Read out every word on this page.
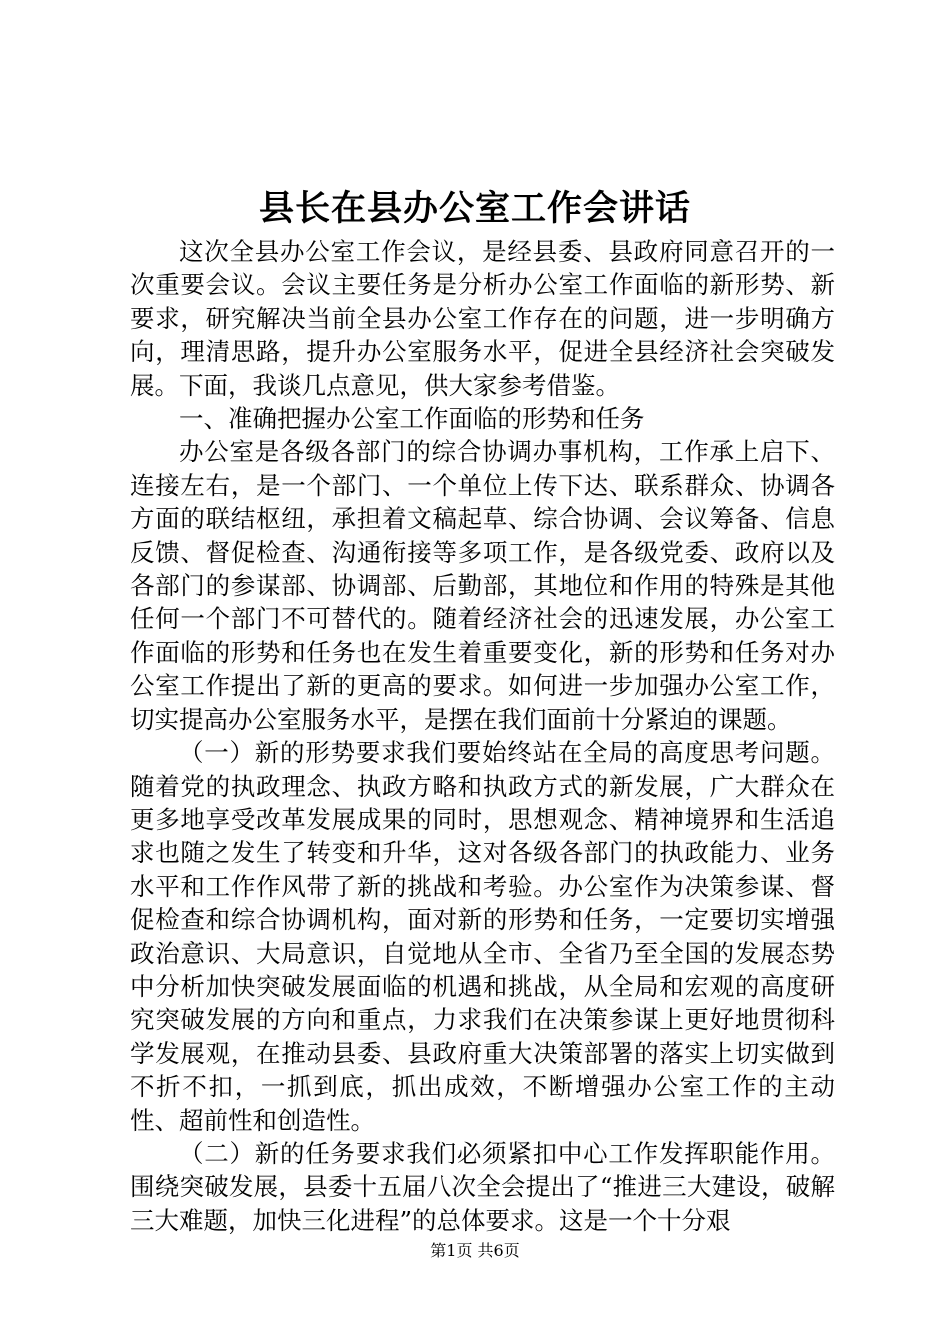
县长在县办公室工作会讲话

这次全县办公室工作会议，是经县委、县政府同意召开的一次重要会议。会议主要任务是分析办公室工作面临的新形势、新要求，研究解决当前全县办公室工作存在的问题，进一步明确方向，理清思路，提升办公室服务水平，促进全县经济社会突破发展。下面，我谈几点意见，供大家参考借鉴。

一、准确把握办公室工作面临的形势和任务

办公室是各级各部门的综合协调办事机构，工作承上启下、连接左右，是一个部门、一个单位上传下达、联系群众、协调各方面的联结枢纽，承担着文稿起草、综合协调、会议筹备、信息反馈、督促检查、沟通衔接等多项工作，是各级党委、政府以及各部门的参谋部、协调部、后勤部，其地位和作用的特殊是其他任何一个部门不可替代的。随着经济社会的迅速发展，办公室工作面临的形势和任务也在发生着重要变化，新的形势和任务对办公室工作提出了新的更高的要求。如何进一步加强办公室工作，切实提高办公室服务水平，是摆在我们面前十分紧迫的课题。

（一）新的形势要求我们要始终站在全局的高度思考问题。随着党的执政理念、执政方略和执政方式的新发展，广大群众在更多地享受改革发展成果的同时，思想观念、精神境界和生活追求也随之发生了转变和升华，这对各级各部门的执政能力、业务水平和工作作风带了新的挑战和考验。办公室作为决策参谋、督促检查和综合协调机构，面对新的形势和任务，一定要切实增强政治意识、大局意识，自觉地从全市、全省乃至全国的发展态势中分析加快突破发展面临的机遇和挑战，从全局和宏观的高度研究突破发展的方向和重点，力求我们在决策参谋上更好地贯彻科学发展观，在推动县委、县政府重大决策部署的落实上切实做到不折不扣，一抓到底，抓出成效，不断增强办公室工作的主动性、超前性和创造性。

（二）新的任务要求我们必须紧扣中心工作发挥职能作用。围绕突破发展，县委十五届八次全会提出了“推进三大建设，破解三大难题，加快三化进程”的总体要求。这是一个十分艰

第1页 共6页
